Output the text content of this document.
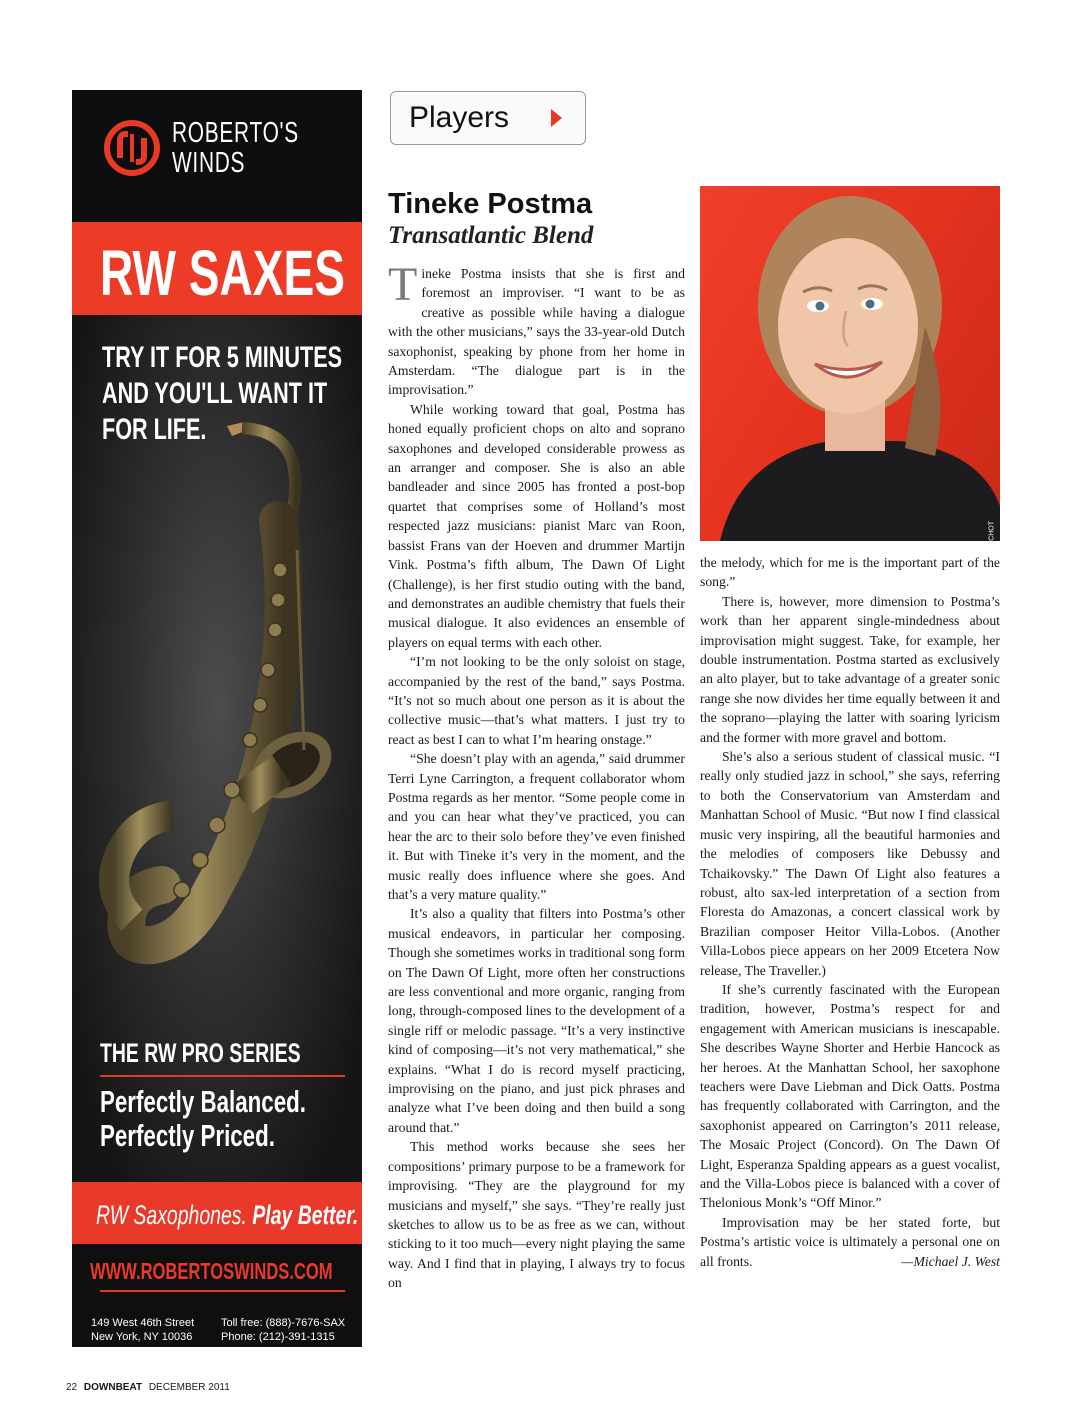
ROBERTO'S
WINDS
RW SAXES
TRY IT FOR 5 MINUTES
AND YOU'LL WANT IT
FOR LIFE.
THE RW PRO SERIES
Perfectly Balanced.
Perfectly Priced.
RW Saxophones. Play Better.
WWW.ROBERTOSWINDS.COM
149 West 46th Street
New York, NY 10036
Toll free: (888)-7676-SAX
Phone: (212)-391-1315
Players
Tineke Postma
Transatlantic Blend
JOKE SCHOT

Tineke Postma insists that she is first and foremost an improviser. “I want to be as creative as possible while having a dialogue with the other musicians,” says the 33-year-old Dutch saxophonist, speaking by phone from her home in Amsterdam. “The dialogue part is in the improvisation.”

While working toward that goal, Postma has honed equally proficient chops on alto and soprano saxophones and developed considerable prowess as an arranger and composer. She is also an able bandleader and since 2005 has fronted a post-bop quartet that comprises some of Holland’s most respected jazz musicians: pianist Marc van Roon, bassist Frans van der Hoeven and drummer Martijn Vink. Postma’s fifth album, The Dawn Of Light (Challenge), is her first studio outing with the band, and demonstrates an audible chemistry that fuels their musical dialogue. It also evidences an ensemble of players on equal terms with each other.

“I’m not looking to be the only soloist on stage, accompanied by the rest of the band,” says Postma. “It’s not so much about one person as it is about the collective music—that’s what matters. I just try to react as best I can to what I’m hearing onstage.”

“She doesn’t play with an agenda,” said drummer Terri Lyne Carrington, a frequent collaborator whom Postma regards as her mentor. “Some people come in and you can hear what they’ve practiced, you can hear the arc to their solo before they’ve even finished it. But with Tineke it’s very in the moment, and the music really does influence where she goes. And that’s a very mature quality.”

It’s also a quality that filters into Postma’s other musical endeavors, in particular her composing. Though she sometimes works in traditional song form on The Dawn Of Light, more often her constructions are less conventional and more organic, ranging from long, through-composed lines to the development of a single riff or melodic passage. “It’s a very instinctive kind of composing—it’s not very mathematical,” she explains. “What I do is record myself practicing, improvising on the piano, and just pick phrases and analyze what I’ve been doing and then build a song around that.”

This method works because she sees her compositions’ primary purpose to be a framework for improvising. “They are the playground for my musicians and myself,” she says. “They’re really just sketches to allow us to be as free as we can, without sticking to it too much—every night playing the same way. And I find that in playing, I always try to focus on

the melody, which for me is the important part of the song.”

There is, however, more dimension to Postma’s work than her apparent single-mindedness about improvisation might suggest. Take, for example, her double instrumentation. Postma started as exclusively an alto player, but to take advantage of a greater sonic range she now divides her time equally between it and the soprano—playing the latter with soaring lyricism and the former with more gravel and bottom.

She’s also a serious student of classical music. “I really only studied jazz in school,” she says, referring to both the Conservatorium van Amsterdam and Manhattan School of Music. “But now I find classical music very inspiring, all the beautiful harmonies and the melodies of composers like Debussy and Tchaikovsky.” The Dawn Of Light also features a robust, alto sax-led interpretation of a section from Floresta do Amazonas, a concert classical work by Brazilian composer Heitor Villa-Lobos. (Another Villa-Lobos piece appears on her 2009 Etcetera Now release, The Traveller.)

If she’s currently fascinated with the European tradition, however, Postma’s respect for and engagement with American musicians is inescapable. She describes Wayne Shorter and Herbie Hancock as her heroes. At the Manhattan School, her saxophone teachers were Dave Liebman and Dick Oatts. Postma has frequently collaborated with Carrington, and the saxophonist appeared on Carrington’s 2011 release, The Mosaic Project (Concord). On The Dawn Of Light, Esperanza Spalding appears as a guest vocalist, and the Villa-Lobos piece is balanced with a cover of Thelonious Monk’s “Off Minor.”

Improvisation may be her stated forte, but Postma’s artistic voice is ultimately a personal one on all fronts.	—Michael J. West

22 DOWNBEAT DECEMBER 2011
